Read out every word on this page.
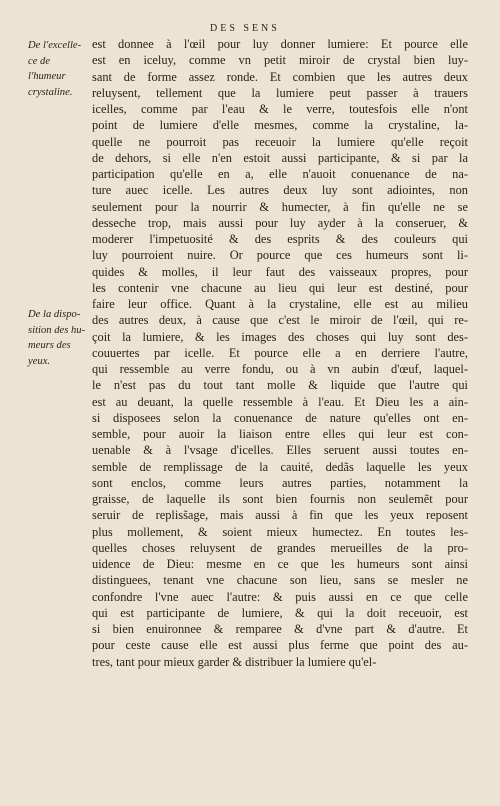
DES SENS
De l'excelle-
ce de l'humeur
crystaline.
De la dispo-
sition des hu-
meurs des
yeux.
est donnee à l'œil pour luy donner lumiere: Et pource elle
est en iceluy, comme vn petit miroir de crystal bien luy-
sant de forme assez ronde. Et combien que les autres deux
reluysent, tellement que la lumiere peut passer à trauers
icelles, comme par l'eau & le verre, toutesfois elle n'ont
point de lumiere d'elle mesmes, comme la crystaline, la-
quelle ne pourroit pas receuoir la lumiere qu'elle reçoit
de dehors, si elle n'en estoit aussi participante, & si par la
participation qu'elle en a, elle n'auoit conuenance de na-
ture auec icelle. Les autres deux luy sont adiointes, non
seulement pour la nourrir & humecter, à fin qu'elle ne se
desseche trop, mais aussi pour luy ayder à la conseruer, &
moderer l'impetuosité & des esprits & des couleurs qui
luy pourroient nuire. Or pource que ces humeurs sont li-
quides & molles, il leur faut des vaisseaux propres, pour
les contenir vne chacune au lieu qui leur est destiné, pour
faire leur office. Quant à la crystaline, elle est au milieu
des autres deux, à cause que c'est le miroir de l'œil, qui re-
çoit la lumiere, & les images des choses qui luy sont des-
couuertes par icelle. Et pource elle a en derriere l'autre,
qui ressemble au verre fondu, ou à vn aubin d'œuf, laquel-
le n'est pas du tout tant molle & liquide que l'autre qui
est au deuant, la quelle ressemble à l'eau. Et Dieu les a ain-
si disposees selon la conuenance de nature qu'elles ont en-
semble, pour auoir la liaison entre elles qui leur est con-
uenable & à l'vsage d'icelles. Elles seruent aussi toutes en-
semble de remplissage de la cauité, dedãs laquelle les yeux
sont enclos, comme leurs autres parties, notamment la
graisse, de laquelle ils sont bien fournis non seulemẽt pour
seruir de repliss̃age, mais aussi à fin que les yeux reposent
plus mollement, & soient mieux humectez. En toutes les-
quelles choses reluysent de grandes merueilles de la pro-
uidence de Dieu: mesme en ce que les humeurs sont ainsi
distinguees, tenant vne chacune son lieu, sans se mesler ne
confondre l'vne auec l'autre: & puis aussi en ce que celle
qui est participante de lumiere, & qui la doit receuoir, est
si bien enuironnee & remparee & d'vne part & d'autre. Et
pour ceste cause elle est aussi plus ferme que point des au-
tres, tant pour mieux garder & distribuer la lumiere qu'el-
